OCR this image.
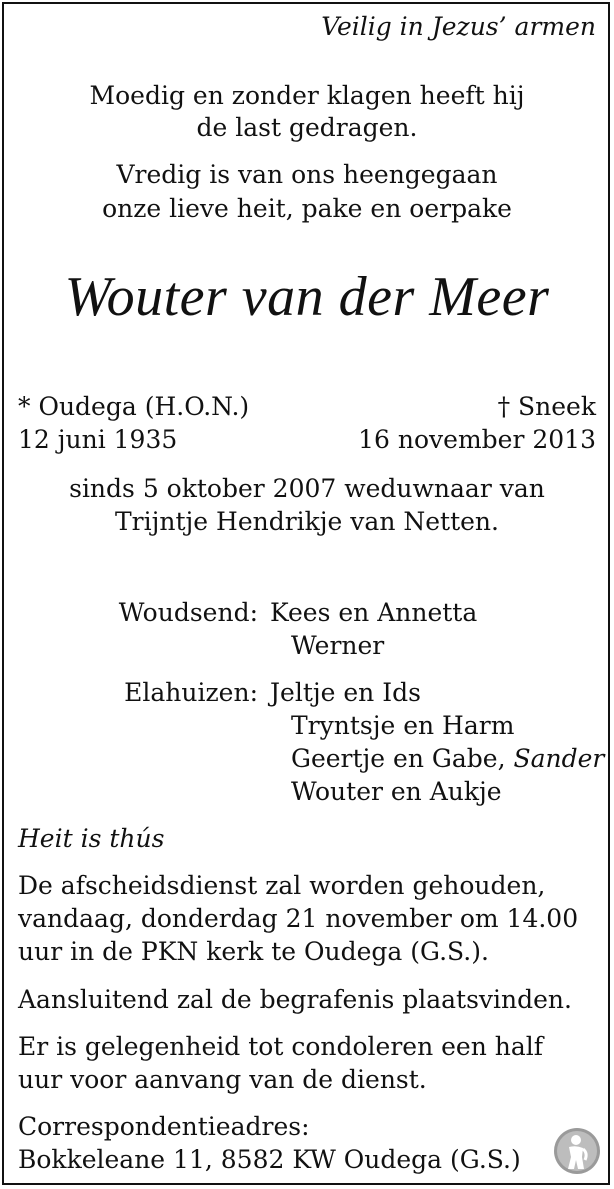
Veilig in Jezus’ armen
Moedig en zonder klagen heeft hij
de last gedragen.
Vredig is van ons heengegaan
onze lieve heit, pake en oerpake
Wouter van der Meer
* Oudega (H.O.N.)
12 juni 1935
† Sneek
16 november 2013
sinds 5 oktober 2007 weduwnaar van
Trijntje Hendrikje van Netten.
Woudsend: Kees en Annetta
Werner
Elahuizen: Jeltje en Ids
Tryntsje en Harm
Geertje en Gabe, Sander
Wouter en Aukje
Heit is thús
De afscheidsdienst zal worden gehouden,
vandaag, donderdag 21 november om 14.00
uur in de PKN kerk te Oudega (G.S.).
Aansluitend zal de begrafenis plaatsvinden.
Er is gelegenheid tot condoleren een half
uur voor aanvang van de dienst.
Correspondentieadres:
Bokkeleane 11, 8582 KW Oudega (G.S.)
